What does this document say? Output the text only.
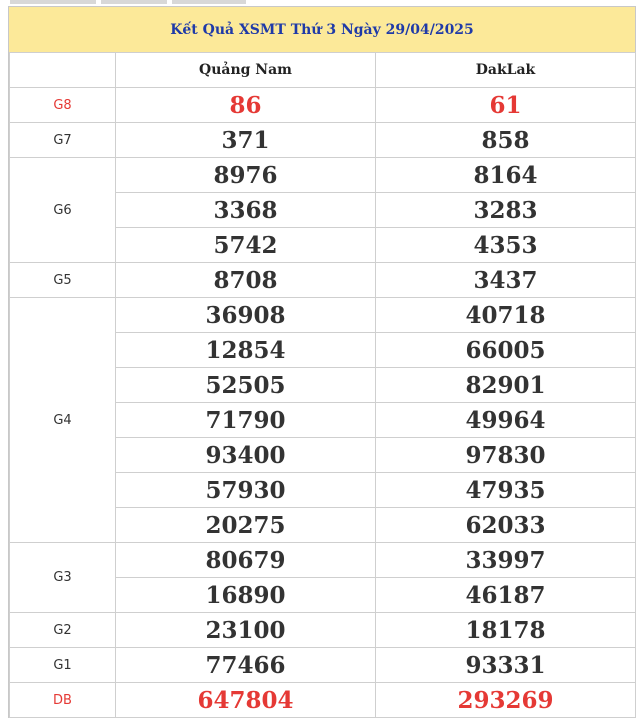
Kết Quả XSMT Thứ 3 Ngày 29/04/2025
	Quảng Nam	DakLak
G8	86	61
G7	371	858
G6	8976	8164
	3368	3283
	5742	4353
G5	8708	3437
G4	36908	40718
	12854	66005
	52505	82901
	71790	49964
	93400	97830
	57930	47935
	20275	62033
G3	80679	33997
	16890	46187
G2	23100	18178
G1	77466	93331
DB	647804	293269
